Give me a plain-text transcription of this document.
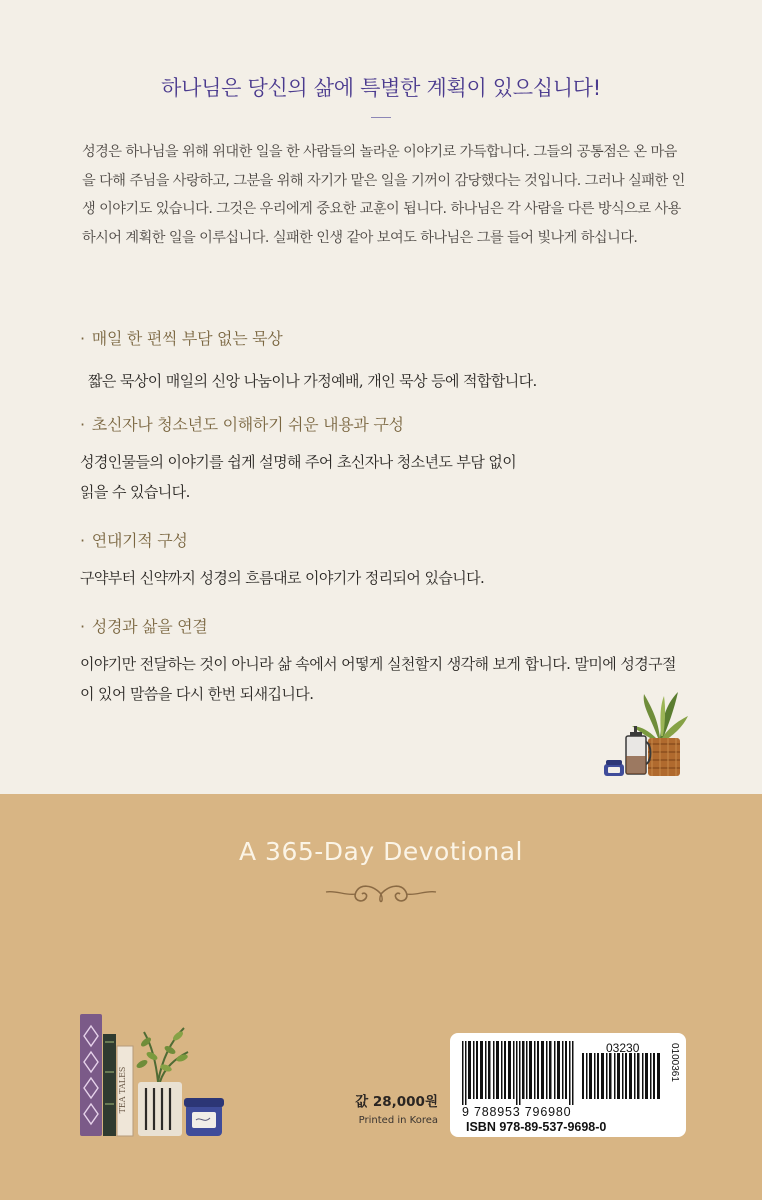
하나님은 당신의 삶에 특별한 계획이 있으십니다!

성경은 하나님을 위해 위대한 일을 한 사람들의 놀라운 이야기로 가득합니다. 그들의 공통점은 온 마음을 다해 주님을 사랑하고, 그분을 위해 자기가 맡은 일을 기꺼이 감당했다는 것입니다. 그러나 실패한 인생 이야기도 있습니다. 그것은 우리에게 중요한 교훈이 됩니다. 하나님은 각 사람을 다른 방식으로 사용하시어 계획한 일을 이루십니다. 실패한 인생 같아 보여도 하나님은 그를 들어 빛나게 하십니다.

· 매일 한 편씩 부담 없는 묵상
짧은 묵상이 매일의 신앙 나눔이나 가정예배, 개인 묵상 등에 적합합니다.
· 초신자나 청소년도 이해하기 쉬운 내용과 구성
성경인물들의 이야기를 쉽게 설명해 주어 초신자나 청소년도 부담 없이 읽을 수 있습니다.
· 연대기적 구성
구약부터 신약까지 성경의 흐름대로 이야기가 정리되어 있습니다.
· 성경과 삶을 연결
이야기만 전달하는 것이 아니라 삶 속에서 어떻게 실천할지 생각해 보게 합니다. 말미에 성경구절이 있어 말씀을 다시 한번 되새깁니다.
A 365-Day Devotional
TEA TALES	값 28,000원
Printed in Korea
03230	0100361
9 788953 796980
ISBN 978-89-537-9698-0
